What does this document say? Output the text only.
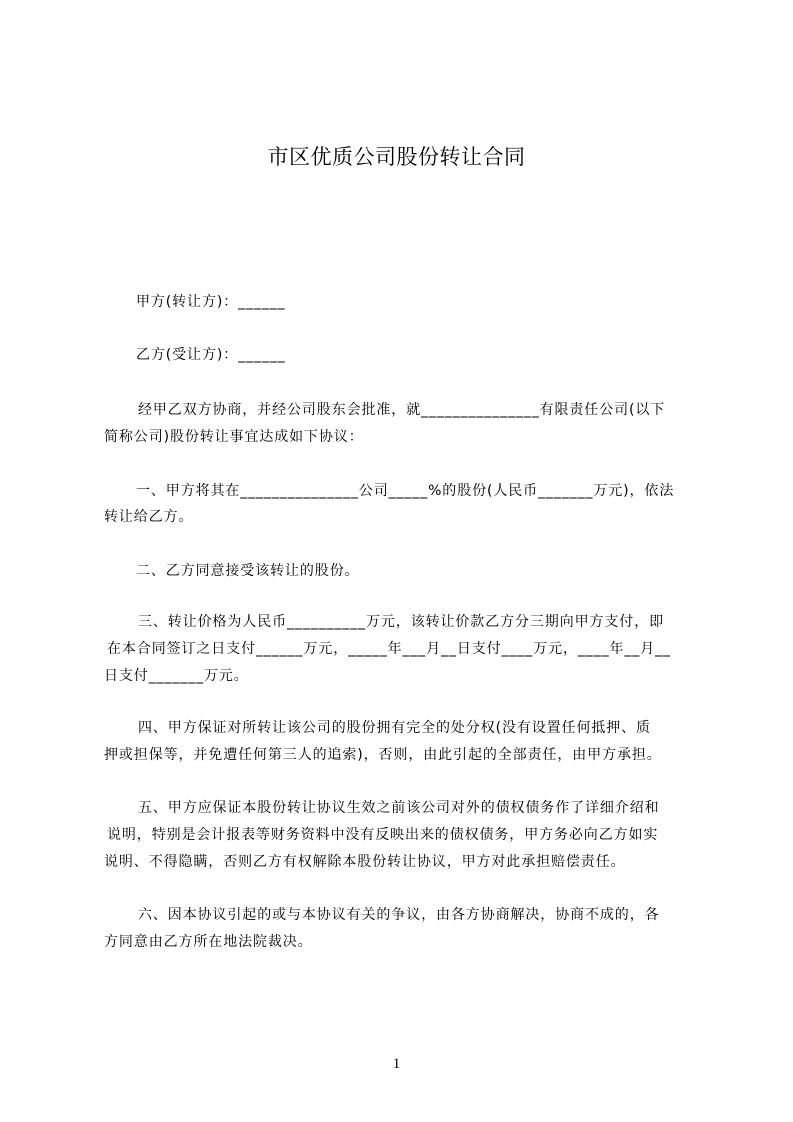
市区优质公司股份转让合同
甲方(转让方)：______
乙方(受让方)：______
经甲乙双方协商，并经公司股东会批准，就_______________有限责任公司(以下
简称公司)股份转让事宜达成如下协议：
一、甲方将其在_______________公司_____%的股份(人民币_______万元)，依法
转让给乙方。
二、乙方同意接受该转让的股份。
三、转让价格为人民币__________万元，该转让价款乙方分三期向甲方支付，即
在本合同签订之日支付______万元，_____年___月__日支付____万元，____年__月__
日支付_______万元。
四、甲方保证对所转让该公司的股份拥有完全的处分权(没有设置任何抵押、质
押或担保等，并免遭任何第三人的追索)，否则，由此引起的全部责任，由甲方承担。
五、甲方应保证本股份转让协议生效之前该公司对外的债权债务作了详细介绍和
说明，特别是会计报表等财务资料中没有反映出来的债权债务，甲方务必向乙方如实
说明、不得隐瞒，否则乙方有权解除本股份转让协议，甲方对此承担赔偿责任。
六、因本协议引起的或与本协议有关的争议，由各方协商解决，协商不成的，各
方同意由乙方所在地法院裁决。
1
